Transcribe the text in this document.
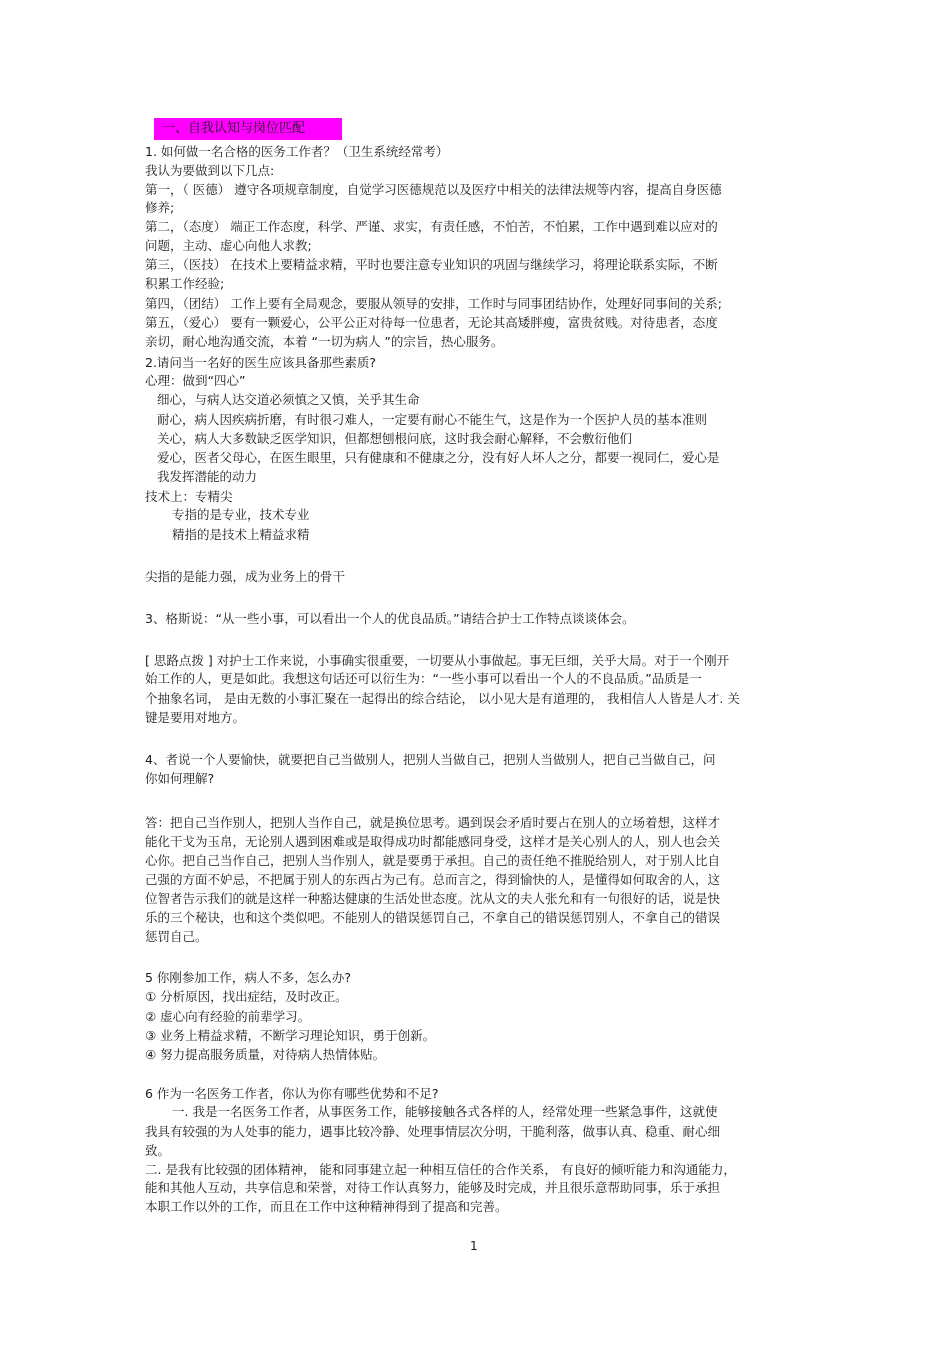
一、自我认知与岗位匹配
1. 如何做一名合格的医务工作者？（卫生系统经常考）
我认为要做到以下几点:
第一，（ 医德） 遵守各项规章制度，自觉学习医德规范以及医疗中相关的法律法规等内容，提高自身医德
修养;
第二，（态度） 端正工作态度，科学、严谨、求实，有责任感，不怕苦，不怕累，工作中遇到难以应对的
问题，主动、虚心向他人求教;
第三，（医技） 在技术上要精益求精，平时也要注意专业知识的巩固与继续学习，将理论联系实际，不断
积累工作经验;
第四，（团结） 工作上要有全局观念，要服从领导的安排，工作时与同事团结协作，处理好同事间的关系;
第五，（爱心） 要有一颗爱心，公平公正对待每一位患者，无论其高矮胖瘦，富贵贫贱。对待患者，态度
亲切，耐心地沟通交流，本着 “一切为病人 ”的宗旨，热心服务。
2.请问当一名好的医生应该具备那些素质?
心理：做到“四心”
细心，与病人达交道必须慎之又慎，关乎其生命
耐心，病人因疾病折磨，有时很刁难人，一定要有耐心不能生气，这是作为一个医护人员的基本准则
关心，病人大多数缺乏医学知识，但都想刨根问底，这时我会耐心解释，不会敷衍他们
爱心，医者父母心，在医生眼里，只有健康和不健康之分，没有好人坏人之分，都要一视同仁，爱心是
我发挥潜能的动力
技术上：专精尖
专指的是专业，技术专业
精指的是技术上精益求精
尖指的是能力强，成为业务上的骨干
3、格斯说：“从一些小事，可以看出一个人的优良品质。”请结合护士工作特点谈谈体会。
[ 思路点拨 ] 对护士工作来说，小事确实很重要，一切要从小事做起。事无巨细，关乎大局。对于一个刚开
始工作的人，更是如此。我想这句话还可以衍生为：“一些小事可以看出一个人的不良品质。”品质是一
个抽象名词， 是由无数的小事汇聚在一起得出的综合结论， 以小见大是有道理的， 我相信人人皆是人才. 关
键是要用对地方。
4、者说一个人要愉快，就要把自己当做别人，把别人当做自己，把别人当做别人，把自己当做自己，问
你如何理解?
答：把自己当作别人，把别人当作自己，就是换位思考。遇到误会矛盾时要占在别人的立场着想，这样才
能化干戈为玉帛，无论别人遇到困难或是取得成功时都能感同身受，这样才是关心别人的人，别人也会关
心你。把自己当作自己，把别人当作别人，就是要勇于承担。自己的责任绝不推脱给别人，对于别人比自
己强的方面不妒忌，不把属于别人的东西占为己有。总而言之，得到愉快的人，是懂得如何取舍的人，这
位智者告示我们的就是这样一种豁达健康的生活处世态度。沈从文的夫人张允和有一句很好的话，说是快
乐的三个秘诀，也和这个类似吧。不能别人的错误惩罚自己，不拿自己的错误惩罚别人，不拿自己的错误
惩罚自己。
5 你刚参加工作，病人不多，怎么办?
① 分析原因，找出症结，及时改正。
② 虚心向有经验的前辈学习。
③ 业务上精益求精，不断学习理论知识，勇于创新。
④ 努力提高服务质量，对待病人热情体贴。
6 作为一名医务工作者，你认为你有哪些优势和不足?
一. 我是一名医务工作者，从事医务工作，能够接触各式各样的人，经常处理一些紧急事件，这就使
我具有较强的为人处事的能力，遇事比较冷静、处理事情层次分明，干脆利落，做事认真、稳重、耐心细
致。
二. 是我有比较强的团体精神， 能和同事建立起一种相互信任的合作关系， 有良好的倾听能力和沟通能力，
能和其他人互动，共享信息和荣誉，对待工作认真努力，能够及时完成，并且很乐意帮助同事，乐于承担
本职工作以外的工作，而且在工作中这种精神得到了提高和完善。
1
